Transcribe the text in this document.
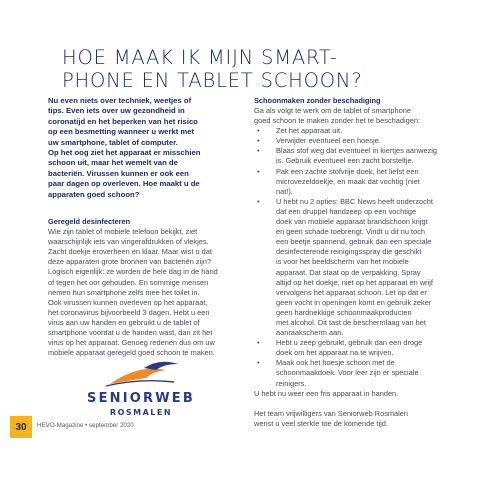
HOE MAAK IK MIJN SMART-
PHONE EN TABLET SCHOON?

Nu even niets over techniek, weetjes of
tips. Even iets over uw gezondheid in
coronatijd en het beperken van het risico
op een besmetting wanneer u werkt met
uw smartphone, tablet of computer.
Op het oog ziet het apparaat er misschien
schoon uit, maar het wemelt van de
bacteriën. Virussen kunnen er ook een
paar dagen op overleven. Hoe maakt u de
apparaten goed schoon?

Geregeld desinfecteren

Wie zijn tablet of mobiele telefoon bekijkt, ziet
waarschijnlijk iets van vingerafdrukken of vlekjes.
Zacht doekje eroverheen en klaar. Maar wist u dat
deze apparaten grote bronnen van bacteriën zijn?
Logisch eigenlijk: ze worden de hele dag in de hand
of tegen het oor gehouden. En sommige mensen
nemen hun smartphone zelfs mee het toilet in.
Ook virussen kunnen overleven op het apparaat,
het coronavirus bijvoorbeeld 3 dagen. Hebt u een
virus aan uw handen en gebruikt u de tablet of
smartphone voordat u de handen wast, dan zit het
virus op het apparaat. Genoeg redenen dus om uw
mobiele apparaat geregeld goed schoon te maken.

Schoonmaken zonder beschadiging

Ga als volgt te werk om de tablet of smartphone
goed schoon te maken zonder het te beschadigen:

• Zet het apparaat uit.
• Verwijder eventueel een hoesje.
• Blaas stof weg dat eventueel in kiertjes aanwezig
is. Gebruik eventueel een zacht borsteltje.
• Pak een zachte stofvrije doek, het liefst een
microvezeldoekje, en maak dat vochtig (niet
nat!).
• U hebt nu 2 opties: BBC News heeft onderzocht
dat een druppel handzeep op een vochtige
doek van mobiele apparaat brandschoon krijgt
en geen schade toebrengt. Vindt u dit nu toch
een beetje spannend, gebruik dan een speciale
desinfecterende reinigingsspray die geschikt
is voor het beeldscherm van het mobiele
apparaat. Dat staat op de verpakking. Spray
altijd op het doekje, niet op het apparaat en wrijf
vervolgens het apparaat schoon. Let op dat er
geen vocht in openingen komt en gebruik zeker
geen hardnekkige schoonmaakproducten
met alcohol. Dit tast de beschermlaag van het
aanraakscherm aan.
• Hebt u zeep gebruikt, gebruik dan een droge
doek om het apparaat na te wrijven.
• Maak ook het hoesje schoon met de
schoonmaakdoek. Voor leer zijn er speciale
reinigers.

U hebt nu weer een fris apparaat in handen.

Het team vrijwilligers van Seniorweb Rosmalen
wenst u veel sterkte toe de komende tijd.

SENIORWEB
ROSMALEN
30	HEVO-Magazine • september 2020
